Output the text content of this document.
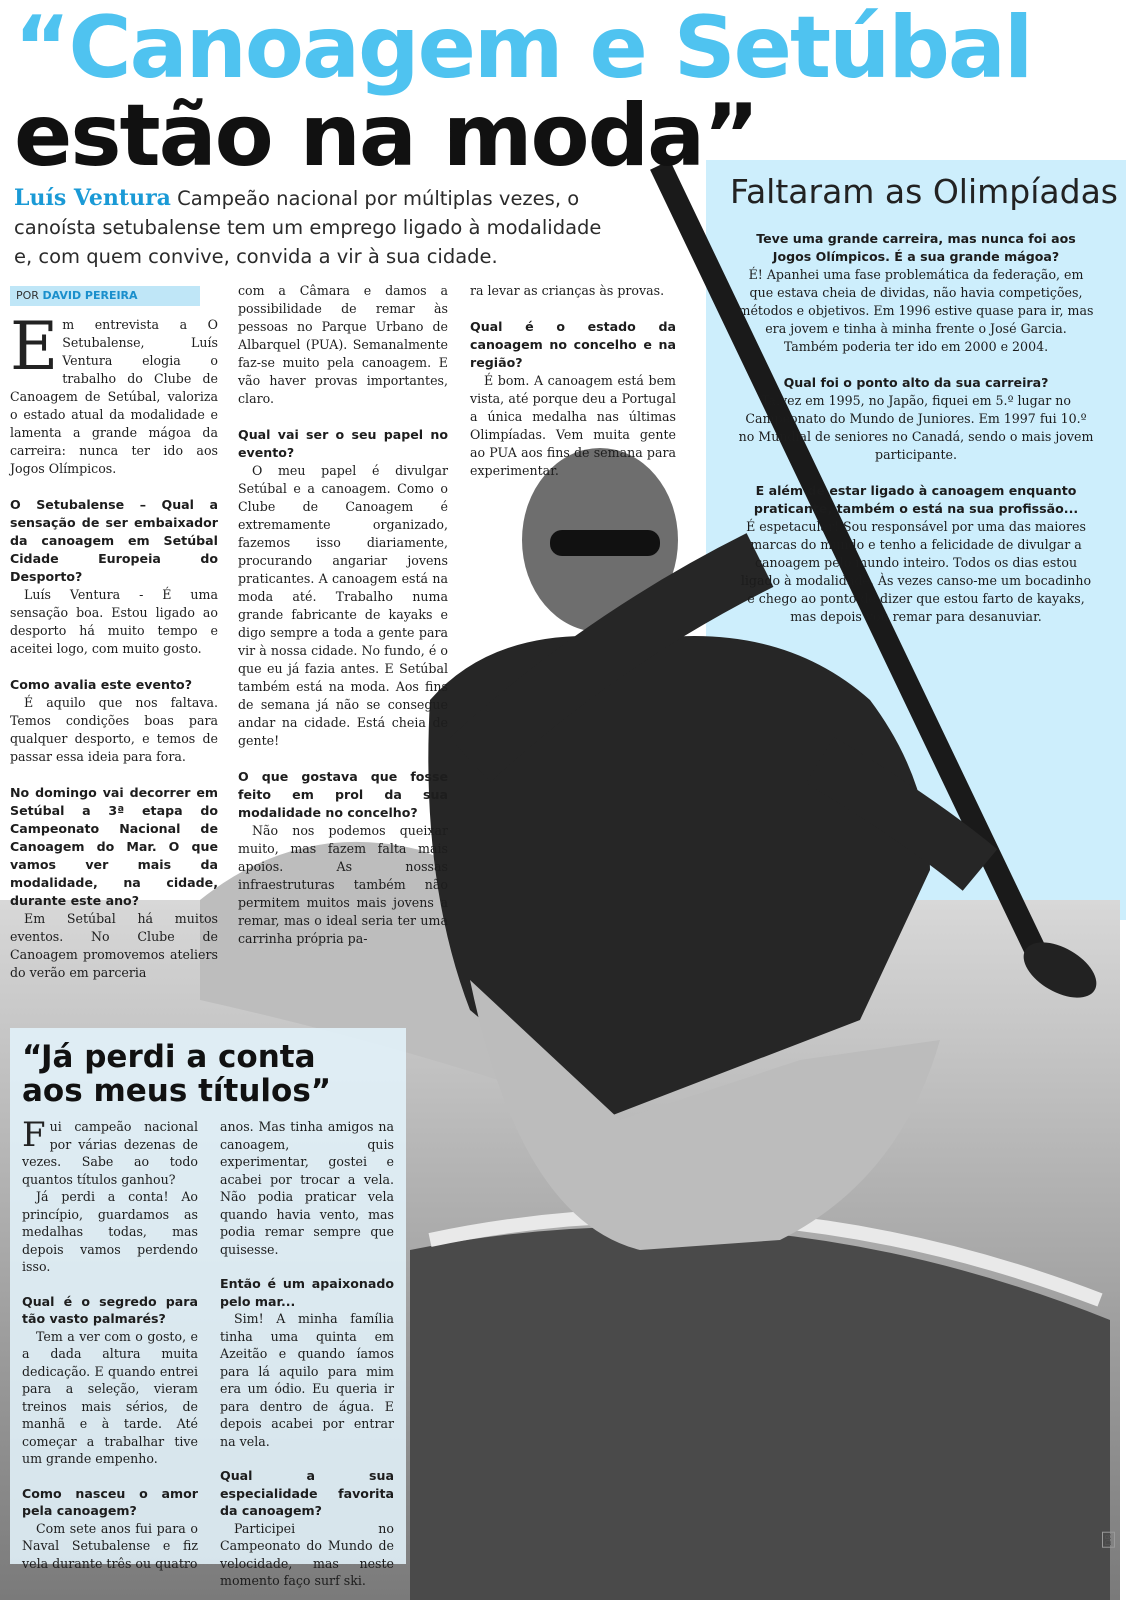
“Canoagem e Setúbal
estão na moda”
Luís Ventura Campeão nacional por múltiplas vezes, o canoísta setubalense tem um emprego ligado à modalidade e, com quem convive, convida a vir à sua cidade.
POR DAVID PEREIRA

Em entrevista a O Setubalense, Luís Ventura elogia o trabalho do Clube de Canoagem de Setúbal, valoriza o estado atual da modalidade e lamenta a grande mágoa da carreira: nunca ter ido aos Jogos Olímpicos.

O Setubalense – Qual a sensação de ser embaixador da canoagem em Setúbal Cidade Europeia do Desporto?
Luís Ventura - É uma sensação boa. Estou ligado ao desporto há muito tempo e aceitei logo, com muito gosto.

Como avalia este evento?
É aquilo que nos faltava. Temos condições boas para qualquer desporto, e temos de passar essa ideia para fora.

No domingo vai decorrer em Setúbal a 3ª etapa do Campeonato Nacional de Canoagem do Mar. O que vamos ver mais da modalidade, na cidade, durante este ano?
Em Setúbal há muitos eventos. No Clube de Canoagem promovemos ateliers do verão em parceria

com a Câmara e damos a possibilidade de remar às pessoas no Parque Urbano de Albarquel (PUA). Semanalmente faz-se muito pela canoagem. E vão haver provas importantes, claro.

Qual vai ser o seu papel no evento?
O meu papel é divulgar Setúbal e a canoagem. Como o Clube de Canoagem é extremamente organizado, fazemos isso diariamente, procurando angariar jovens praticantes. A canoagem está na moda até. Trabalho numa grande fabricante de kayaks e digo sempre a toda a gente para vir à nossa cidade. No fundo, é o que eu já fazia antes. E Setúbal também está na moda. Aos fins de semana já não se consegue andar na cidade. Está cheia de gente!

O que gostava que fosse feito em prol da sua modalidade no concelho?
Não nos podemos queixar muito, mas fazem falta mais apoios. As nossas infraestruturas também não permitem muitos mais jovens a remar, mas o ideal seria ter uma carrinha própria pa-

ra levar as crianças às provas.

Qual é o estado da canoagem no concelho e na região?
É bom. A canoagem está bem vista, até porque deu a Portugal a única medalha nas últimas Olimpíadas. Vem muita gente ao PUA aos fins de semana para experimentar.

Faltaram as Olimpíadas

Teve uma grande carreira, mas nunca foi aos Jogos Olímpicos. É a sua grande mágoa?
É! Apanhei uma fase problemática da federação, em que estava cheia de dividas, não havia competições, métodos e objetivos. Em 1996 estive quase para ir, mas era jovem e tinha à minha frente o José Garcia. Também poderia ter ido em 2000 e 2004.

Qual foi o ponto alto da sua carreira?
Talvez em 1995, no Japão, fiquei em 5.º lugar no Campeonato do Mundo de Juniores. Em 1997 fui 10.º no Mundial de seniores no Canadá, sendo o mais jovem participante.

E além de estar ligado à canoagem enquanto praticante, também o está na sua profissão...
É espetacular! Sou responsável por uma das maiores marcas do mundo e tenho a felicidade de divulgar a canoagem pelo mundo inteiro. Todos os dias estou ligado à modalidade. Às vezes canso-me um bocadinho e chego ao ponto de dizer que estou farto de kayaks, mas depois vou remar para desanuviar.

“Já perdi a conta
aos meus títulos”

Fui campeão nacional por várias dezenas de vezes. Sabe ao todo quantos títulos ganhou?
Já perdi a conta! Ao princípio, guardamos as medalhas todas, mas depois vamos perdendo isso.

Qual é o segredo para tão vasto palmarés?
Tem a ver com o gosto, e a dada altura muita dedicação. E quando entrei para a seleção, vieram treinos mais sérios, de manhã e à tarde. Até começar a trabalhar tive um grande empenho.

Como nasceu o amor pela canoagem?
Com sete anos fui para o Naval Setubalense e fiz vela durante três ou quatro

anos. Mas tinha amigos na canoagem, quis experimentar, gostei e acabei por trocar a vela. Não podia praticar vela quando havia vento, mas podia remar sempre que quisesse.

Então é um apaixonado pelo mar...
Sim! A minha família tinha uma quinta em Azeitão e quando íamos para lá aquilo para mim era um ódio. Eu queria ir para dentro de água. E depois acabei por entrar na vela.

Qual a sua especialidade favorita da canoagem?
Participei no Campeonato do Mundo de velocidade, mas neste momento faço surf ski.

DR
